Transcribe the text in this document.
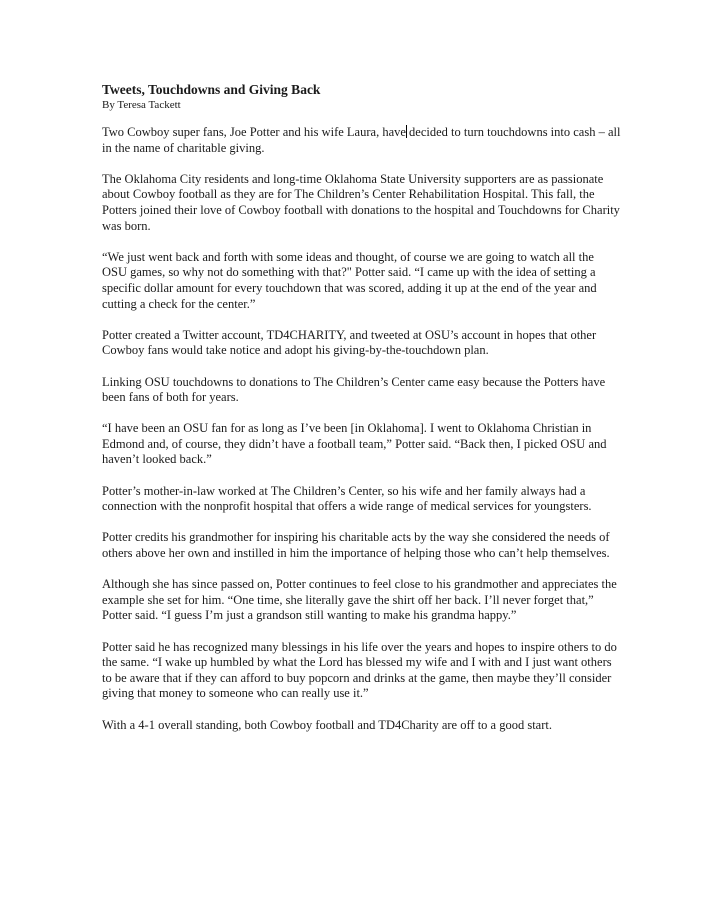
Tweets, Touchdowns and Giving Back
By Teresa Tackett

Two Cowboy super fans, Joe Potter and his wife Laura, have decided to turn touchdowns into cash – all in the name of charitable giving.

The Oklahoma City residents and long-time Oklahoma State University supporters are as passionate about Cowboy football as they are for The Children’s Center Rehabilitation Hospital. This fall, the Potters joined their love of Cowboy football with donations to the hospital and Touchdowns for Charity was born.

“We just went back and forth with some ideas and thought, of course we are going to watch all the OSU games, so why not do something with that?" Potter said. “I came up with the idea of setting a specific dollar amount for every touchdown that was scored, adding it up at the end of the year and cutting a check for the center.”

Potter created a Twitter account, TD4CHARITY, and tweeted at OSU’s account in hopes that other Cowboy fans would take notice and adopt his giving-by-the-touchdown plan.

Linking OSU touchdowns to donations to The Children’s Center came easy because the Potters have been fans of both for years.

“I have been an OSU fan for as long as I’ve been [in Oklahoma]. I went to Oklahoma Christian in Edmond and, of course, they didn’t have a football team,” Potter said. “Back then, I picked OSU and haven’t looked back.”

Potter’s mother-in-law worked at The Children’s Center, so his wife and her family always had a connection with the nonprofit hospital that offers a wide range of medical services for youngsters.

Potter credits his grandmother for inspiring his charitable acts by the way she considered the needs of others above her own and instilled in him the importance of helping those who can’t help themselves.

Although she has since passed on, Potter continues to feel close to his grandmother and appreciates the example she set for him. “One time, she literally gave the shirt off her back. I’ll never forget that,” Potter said. “I guess I’m just a grandson still wanting to make his grandma happy.”

Potter said he has recognized many blessings in his life over the years and hopes to inspire others to do the same. “I wake up humbled by what the Lord has blessed my wife and I with and I just want others to be aware that if they can afford to buy popcorn and drinks at the game, then maybe they’ll consider giving that money to someone who can really use it.”

With a 4-1 overall standing, both Cowboy football and TD4Charity are off to a good start.
